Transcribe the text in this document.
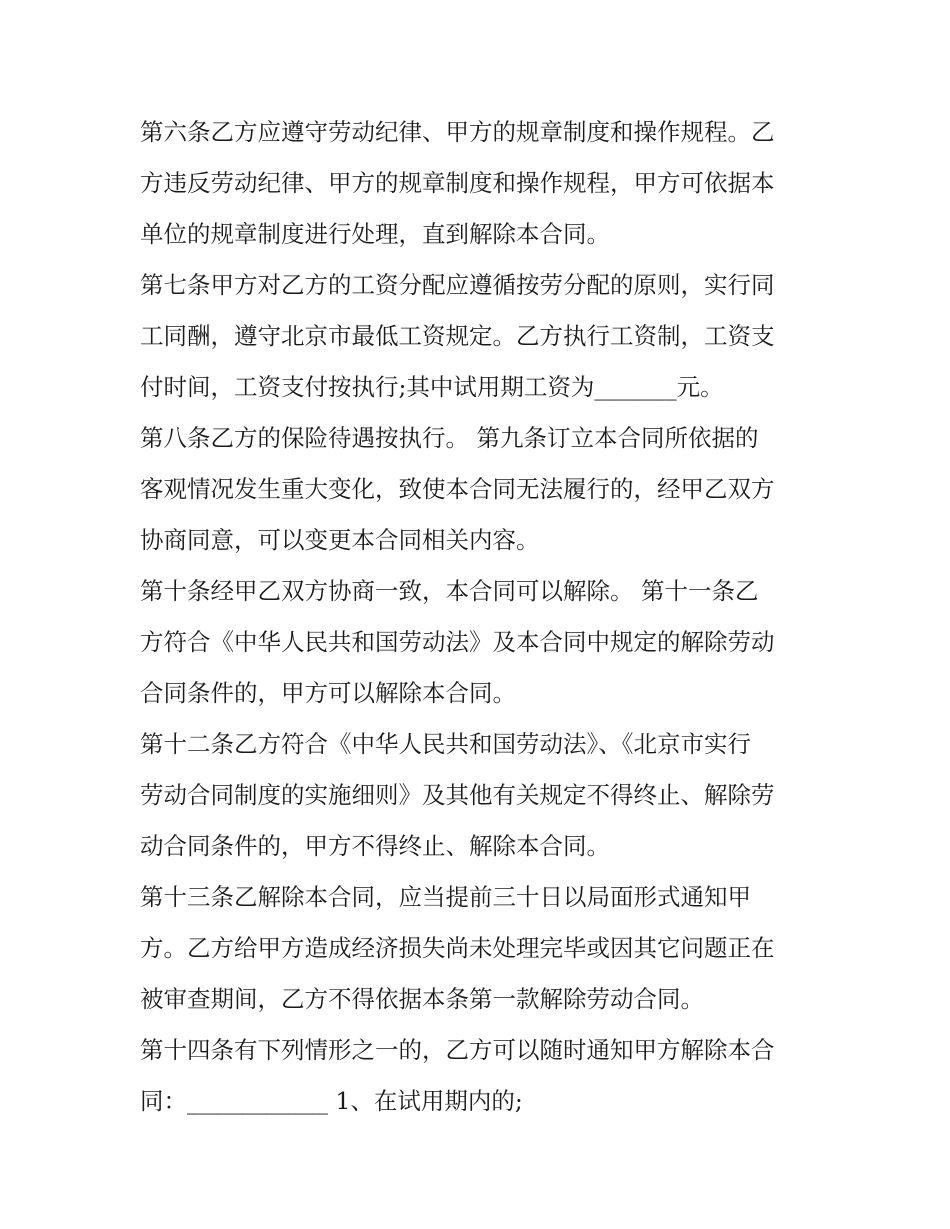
第六条乙方应遵守劳动纪律、甲方的规章制度和操作规程。乙
方违反劳动纪律、甲方的规章制度和操作规程，甲方可依据本
单位的规章制度进行处理，直到解除本合同。
第七条甲方对乙方的工资分配应遵循按劳分配的原则，实行同
工同酬，遵守北京市最低工资规定。乙方执行工资制，工资支
付时间，工资支付按执行;其中试用期工资为_______元。
第八条乙方的保险待遇按执行。 第九条订立本合同所依据的
客观情况发生重大变化，致使本合同无法履行的，经甲乙双方
协商同意，可以变更本合同相关内容。
第十条经甲乙双方协商一致，本合同可以解除。 第十一条乙
方符合《中华人民共和国劳动法》及本合同中规定的解除劳动
合同条件的，甲方可以解除本合同。
第十二条乙方符合《中华人民共和国劳动法》、《北京市实行
劳动合同制度的实施细则》及其他有关规定不得终止、解除劳
动合同条件的，甲方不得终止、解除本合同。
第十三条乙解除本合同，应当提前三十日以局面形式通知甲
方。乙方给甲方造成经济损失尚未处理完毕或因其它问题正在
被审查期间，乙方不得依据本条第一款解除劳动合同。
第十四条有下列情形之一的，乙方可以随时通知甲方解除本合
同：____________ 1、在试用期内的;
